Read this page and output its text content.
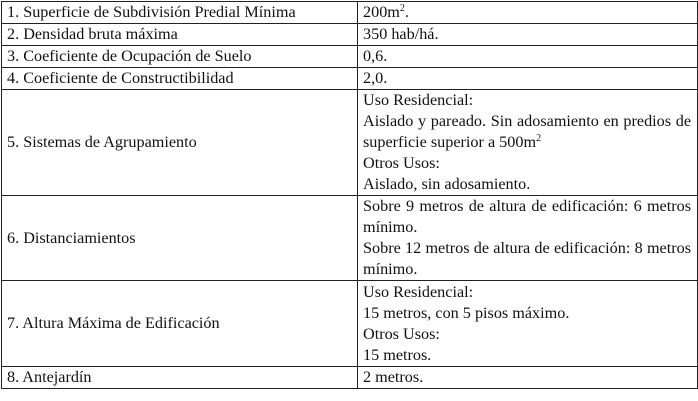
1. Superficie de Subdivisión Predial Mínima	$200m^2$.
2. Densidad bruta máxima	350 hab/há.
3. Coeficiente de Ocupación de Suelo	0,6.
4. Coeficiente de Constructibilidad	2,0.
5. Sistemas de Agrupamiento	Uso Residencial:
Aislado y pareado. Sin adosamiento en predios de superficie superior a $500m^2$
Otros Usos:
Aislado, sin adosamiento.

6. Distanciamientos	Sobre 9 metros de altura de edificación: 6 metros mínimo.
Sobre 12 metros de altura de edificación: 8 metros mínimo.

7. Altura Máxima de Edificación	Uso Residencial:
15 metros, con 5 pisos máximo.
Otros Usos:
15 metros.

8. Antejardín	2 metros.
